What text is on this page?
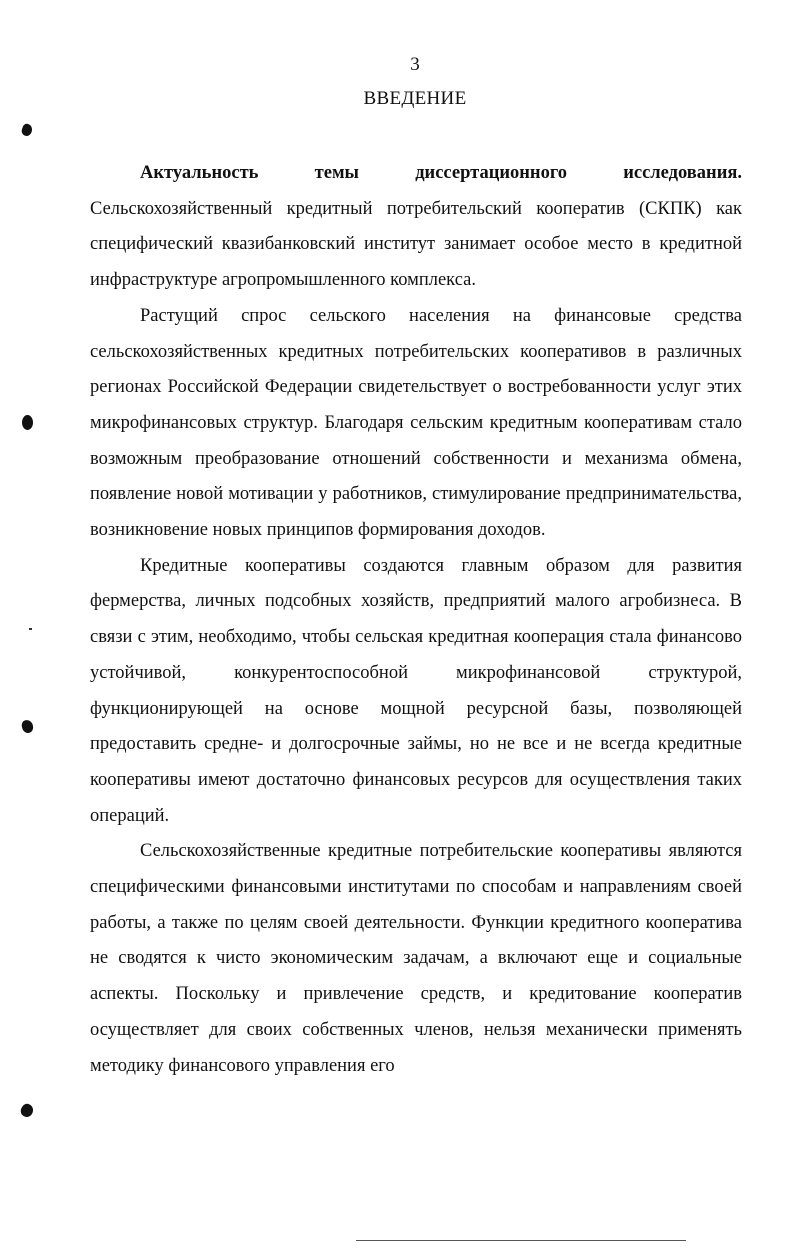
3
ВВЕДЕНИЕ
Актуальность	темы	диссертационного	исследования.

Сельскохозяйственный кредитный потребительский кооператив (СКПК) как специфический квазибанковский институт занимает особое место в кредитной инфраструктуре агропромышленного комплекса.

Растущий спрос сельского населения на финансовые средства сельскохозяйственных кредитных потребительских кооперативов в различных регионах Российской Федерации свидетельствует о востребованности услуг этих микрофинансовых структур. Благодаря сельским кредитным кооперативам стало возможным преобразование отношений собственности и механизма обмена, появление новой мотивации у работников, стимулирование предпринимательства, возникновение новых принципов формирования доходов.

Кредитные кооперативы создаются главным образом для развития фермерства, личных подсобных хозяйств, предприятий малого агробизнеса. В связи с этим, необходимо, чтобы сельская кредитная кооперация стала финансово устойчивой, конкурентоспособной микрофинансовой структурой, функционирующей на основе мощной ресурсной базы, позволяющей предоставить средне- и долгосрочные займы, но не все и не всегда кредитные кооперативы имеют достаточно финансовых ресурсов для осуществления таких операций.

Сельскохозяйственные кредитные потребительские кооперативы являются специфическими финансовыми институтами по способам и направлениям своей работы, а также по целям своей деятельности. Функции кредитного кооператива не сводятся к чисто экономическим задачам, а включают еще и социальные аспекты. Поскольку и привлечение средств, и кредитование кооператив осуществляет для своих собственных членов, нельзя механически применять методику финансового управления его
